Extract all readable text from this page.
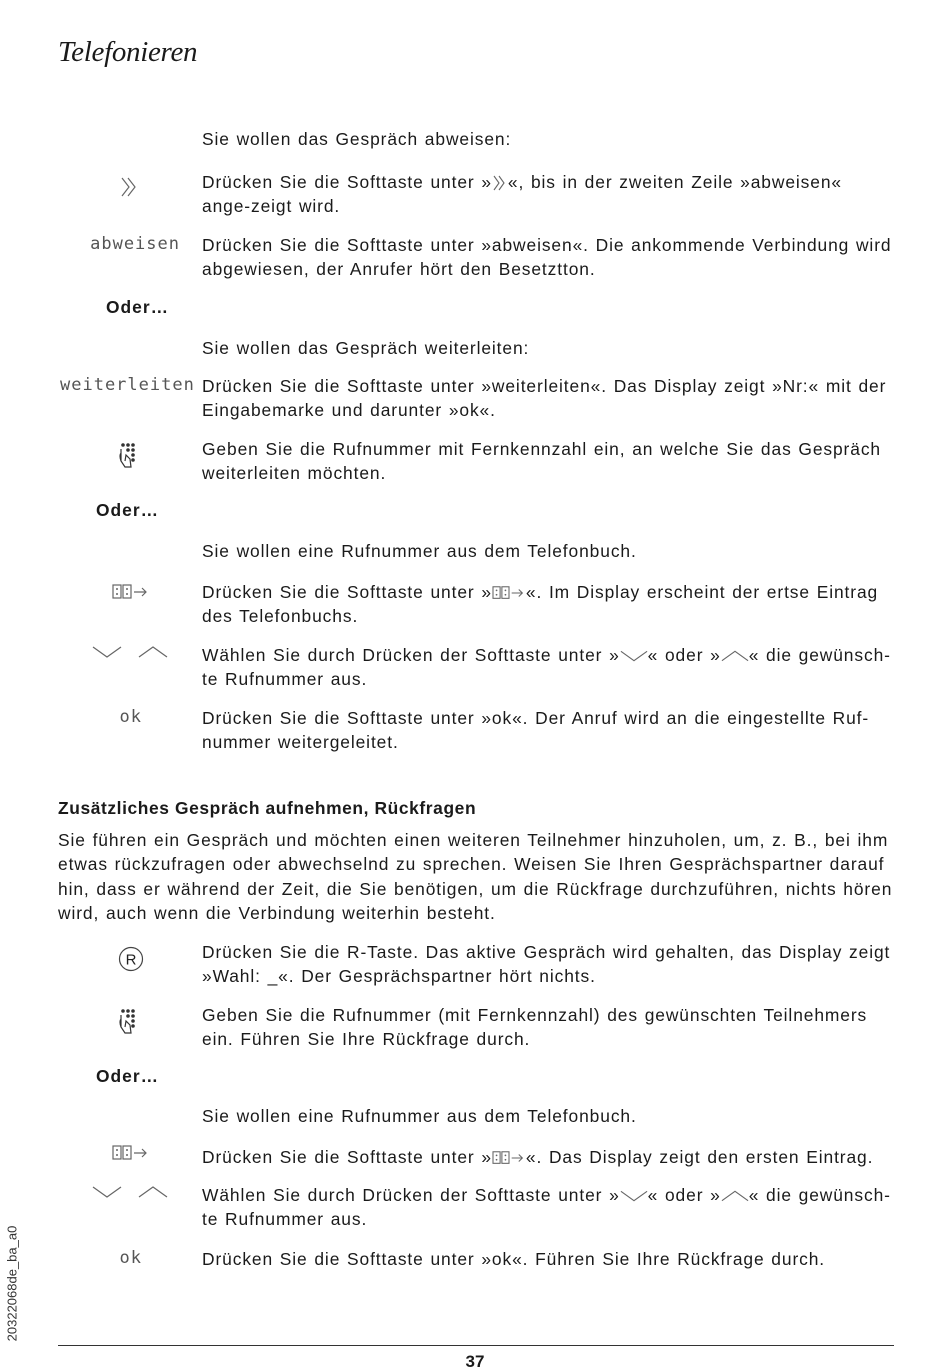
Telefonieren
Sie wollen das Gespräch abweisen:
Drücken Sie die Softtaste unter » «, bis in der zweiten Zeile »abweisen« ange-zeigt wird.
abweisen Drücken Sie die Softtaste unter »abweisen«. Die ankommende Verbindung wird abgewiesen, der Anrufer hört den Besetztton.
Oder…
Sie wollen das Gespräch weiterleiten:
weiterleiten Drücken Sie die Softtaste unter »weiterleiten«. Das Display zeigt »Nr:« mit der Eingabemarke und darunter »ok«.
Geben Sie die Rufnummer mit Fernkennzahl ein, an welche Sie das Gespräch weiterleiten möchten.
Oder…
Sie wollen eine Rufnummer aus dem Telefonbuch.
Drücken Sie die Softtaste unter » «. Im Display erscheint der ertse Eintrag des Telefonbuchs.
Wählen Sie durch Drücken der Softtaste unter » « oder » « die gewünsch-te Rufnummer aus.
ok	Drücken Sie die Softtaste unter »ok«. Der Anruf wird an die eingestellte Ruf-nummer weitergeleitet.
Zusätzliches Gespräch aufnehmen, Rückfragen
Sie führen ein Gespräch und möchten einen weiteren Teilnehmer hinzuholen, um, z. B., bei ihm etwas rückzufragen oder abwechselnd zu sprechen. Weisen Sie Ihren Gesprächspartner darauf hin, dass er während der Zeit, die Sie benötigen, um die Rückfrage durchzuführen, nichts hören wird, auch wenn die Verbindung weiterhin besteht.
R	Drücken Sie die R-Taste. Das aktive Gespräch wird gehalten, das Display zeigt »Wahl: _«. Der Gesprächspartner hört nichts.
Geben Sie die Rufnummer (mit Fernkennzahl) des gewünschten Teilnehmers ein. Führen Sie Ihre Rückfrage durch.
Oder…
Sie wollen eine Rufnummer aus dem Telefonbuch.
Drücken Sie die Softtaste unter » «. Das Display zeigt den ersten Eintrag.
Wählen Sie durch Drücken der Softtaste unter » « oder » « die gewünsch-te Rufnummer aus.
ok	Drücken Sie die Softtaste unter »ok«. Führen Sie Ihre Rückfrage durch.
37
20322068de_ba_a0
